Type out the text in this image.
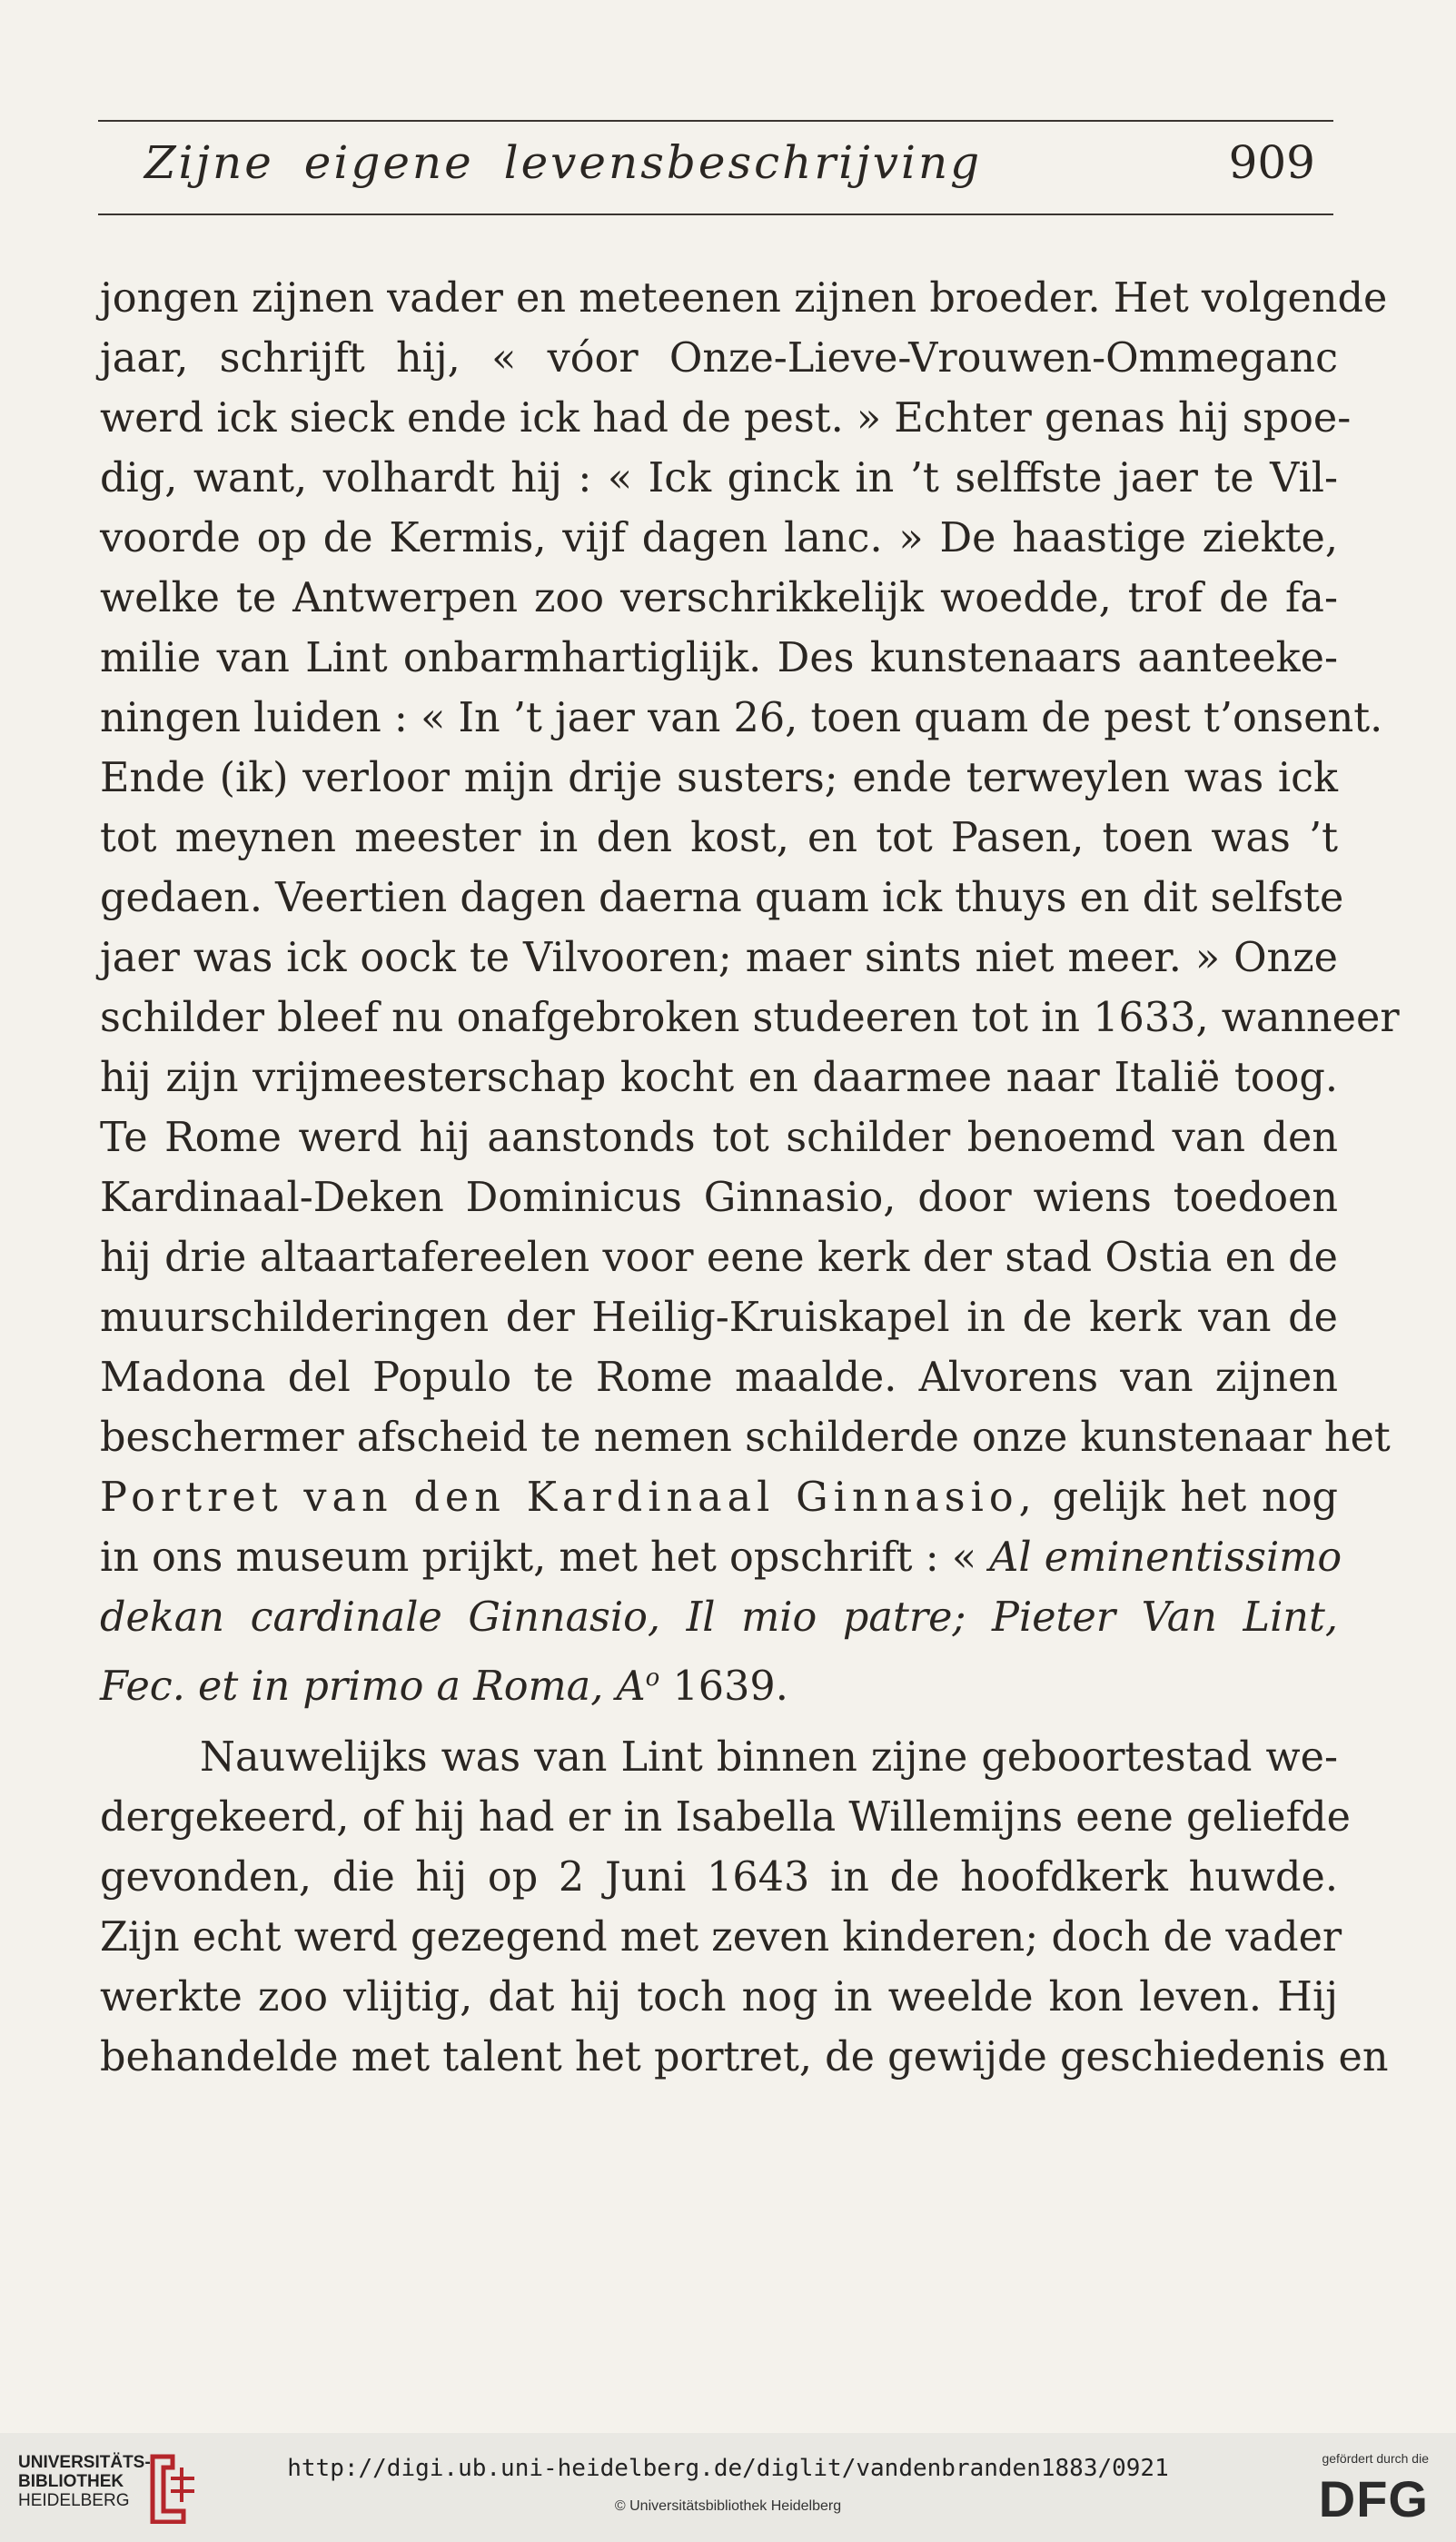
Zijne eigene levensbeschrijving	909
jongen zijnen vader en meteenen zijnen broeder. Het volgende
jaar, schrijft hij, « vóor Onze-Lieve-Vrouwen-Ommeganc
werd ick sieck ende ick had de pest. » Echter genas hij spoe-
dig, want, volhardt hij : « Ick ginck in ’t selffste jaer te Vil-
voorde op de Kermis, vijf dagen lanc. » De haastige ziekte,
welke te Antwerpen zoo verschrikkelijk woedde, trof de fa-
milie van Lint onbarmhartiglijk. Des kunstenaars aanteeke-
ningen luiden : « In ’t jaer van 26, toen quam de pest t’onsent.
Ende (ik) verloor mijn drije susters; ende terweylen was ick
tot meynen meester in den kost, en tot Pasen, toen was ’t
gedaen. Veertien dagen daerna quam ick thuys en dit selfste
jaer was ick oock te Vilvooren; maer sints niet meer. » Onze
schilder bleef nu onafgebroken studeeren tot in 1633, wanneer
hij zijn vrijmeesterschap kocht en daarmee naar Italië toog.
Te Rome werd hij aanstonds tot schilder benoemd van den
Kardinaal-Deken Dominicus Ginnasio, door wiens toedoen
hij drie altaartafereelen voor eene kerk der stad Ostia en de
muurschilderingen der Heilig-Kruiskapel in de kerk van de
Madona del Populo te Rome maalde. Alvorens van zijnen
beschermer afscheid te nemen schilderde onze kunstenaar het
Portret van den Kardinaal Ginnasio, gelijk het nog
in ons museum prijkt, met het opschrift : « Al eminentissimo
dekan cardinale Ginnasio, Il mio patre; Pieter Van Lint,
Fec. et in primo a Roma, $A^o$ 1639.
Nauwelijks was van Lint binnen zijne geboortestad we-
dergekeerd, of hij had er in Isabella Willemijns eene geliefde
gevonden, die hij op 2 Juni 1643 in de hoofdkerk huwde.
Zijn echt werd gezegend met zeven kinderen; doch de vader
werkte zoo vlijtig, dat hij toch nog in weelde kon leven. Hij
behandelde met talent het portret, de gewijde geschiedenis en
UNIVERSITÄTS-
BIBLIOTHEK
HEIDELBERG
http://digi.ub.uni-heidelberg.de/diglit/vandenbranden1883/0921
© Universitätsbibliothek Heidelberg
gefördert durch die
DFG
